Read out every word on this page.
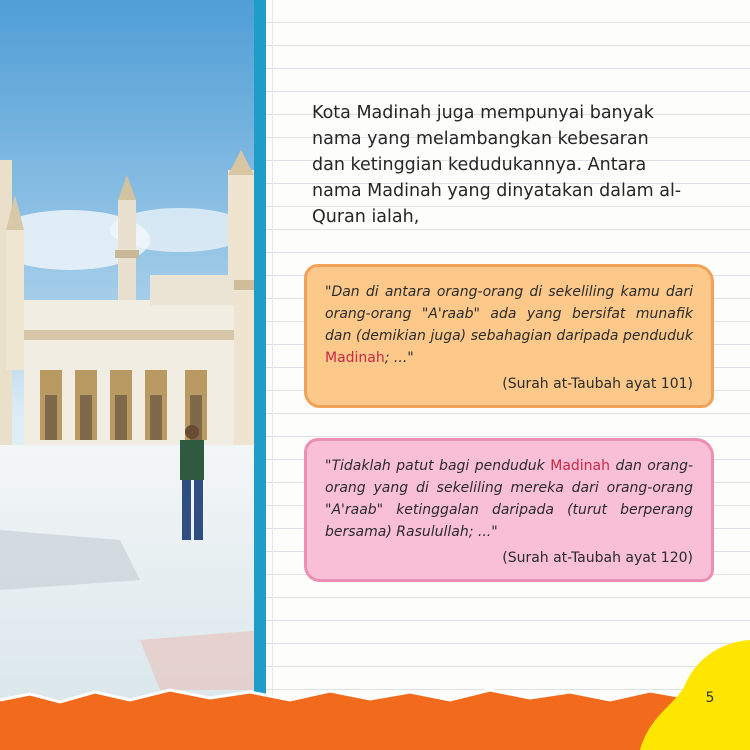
Kota Madinah juga mempunyai banyak nama yang melambangkan kebesaran dan ketinggian kedudukannya. Antara nama Madinah yang dinyatakan dalam al-Quran ialah,
"Dan di antara orang-orang di sekeliling kamu dari orang-orang "A'raab" ada yang bersifat munafik dan (demikian juga) sebahagian daripada penduduk Madinah; ..."
(Surah at-Taubah ayat 101)
"Tidaklah patut bagi penduduk Madinah dan orang-orang yang di sekeliling mereka dari orang-orang "A'raab" ketinggalan daripada (turut berperang bersama) Rasulullah; ..."
(Surah at-Taubah ayat 120)
5
